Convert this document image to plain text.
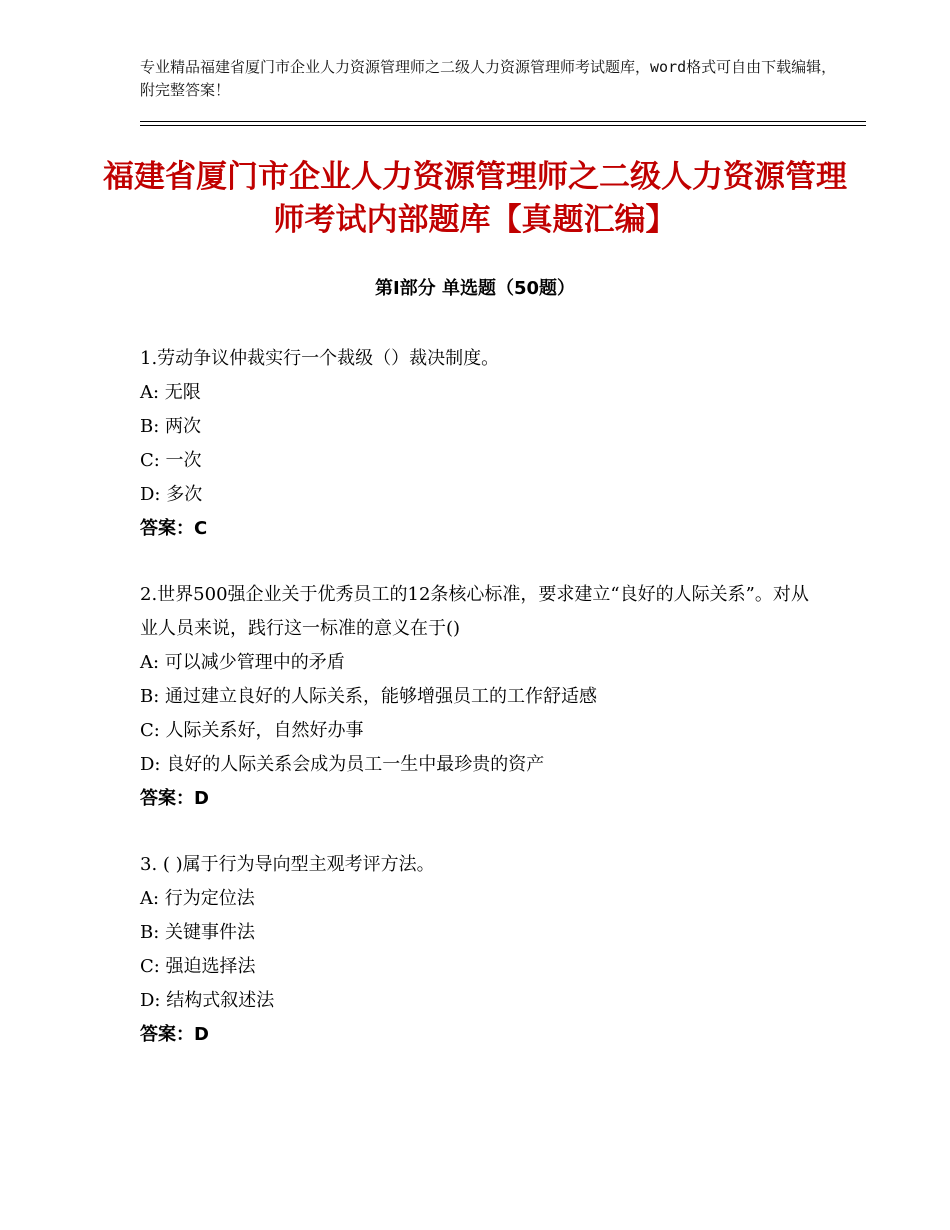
专业精品福建省厦门市企业人力资源管理师之二级人力资源管理师考试题库，word格式可自由下载编辑，附完整答案！
福建省厦门市企业人力资源管理师之二级人力资源管理师考试内部题库【真题汇编】
第Ⅰ部分 单选题（50题）

1.劳动争议仲裁实行一个裁级（）裁决制度。

A: 无限

B: 两次

C: 一次

D: 多次

答案：C

2.世界500强企业关于优秀员工的12条核心标准，要求建立“良好的人际关系”。对从业人员来说，践行这一标准的意义在于()

A: 可以减少管理中的矛盾

B: 通过建立良好的人际关系，能够增强员工的工作舒适感

C: 人际关系好，自然好办事

D: 良好的人际关系会成为员工一生中最珍贵的资产

答案：D

3. ( )属于行为导向型主观考评方法。

A: 行为定位法

B: 关键事件法

C: 强迫选择法

D: 结构式叙述法

答案：D
